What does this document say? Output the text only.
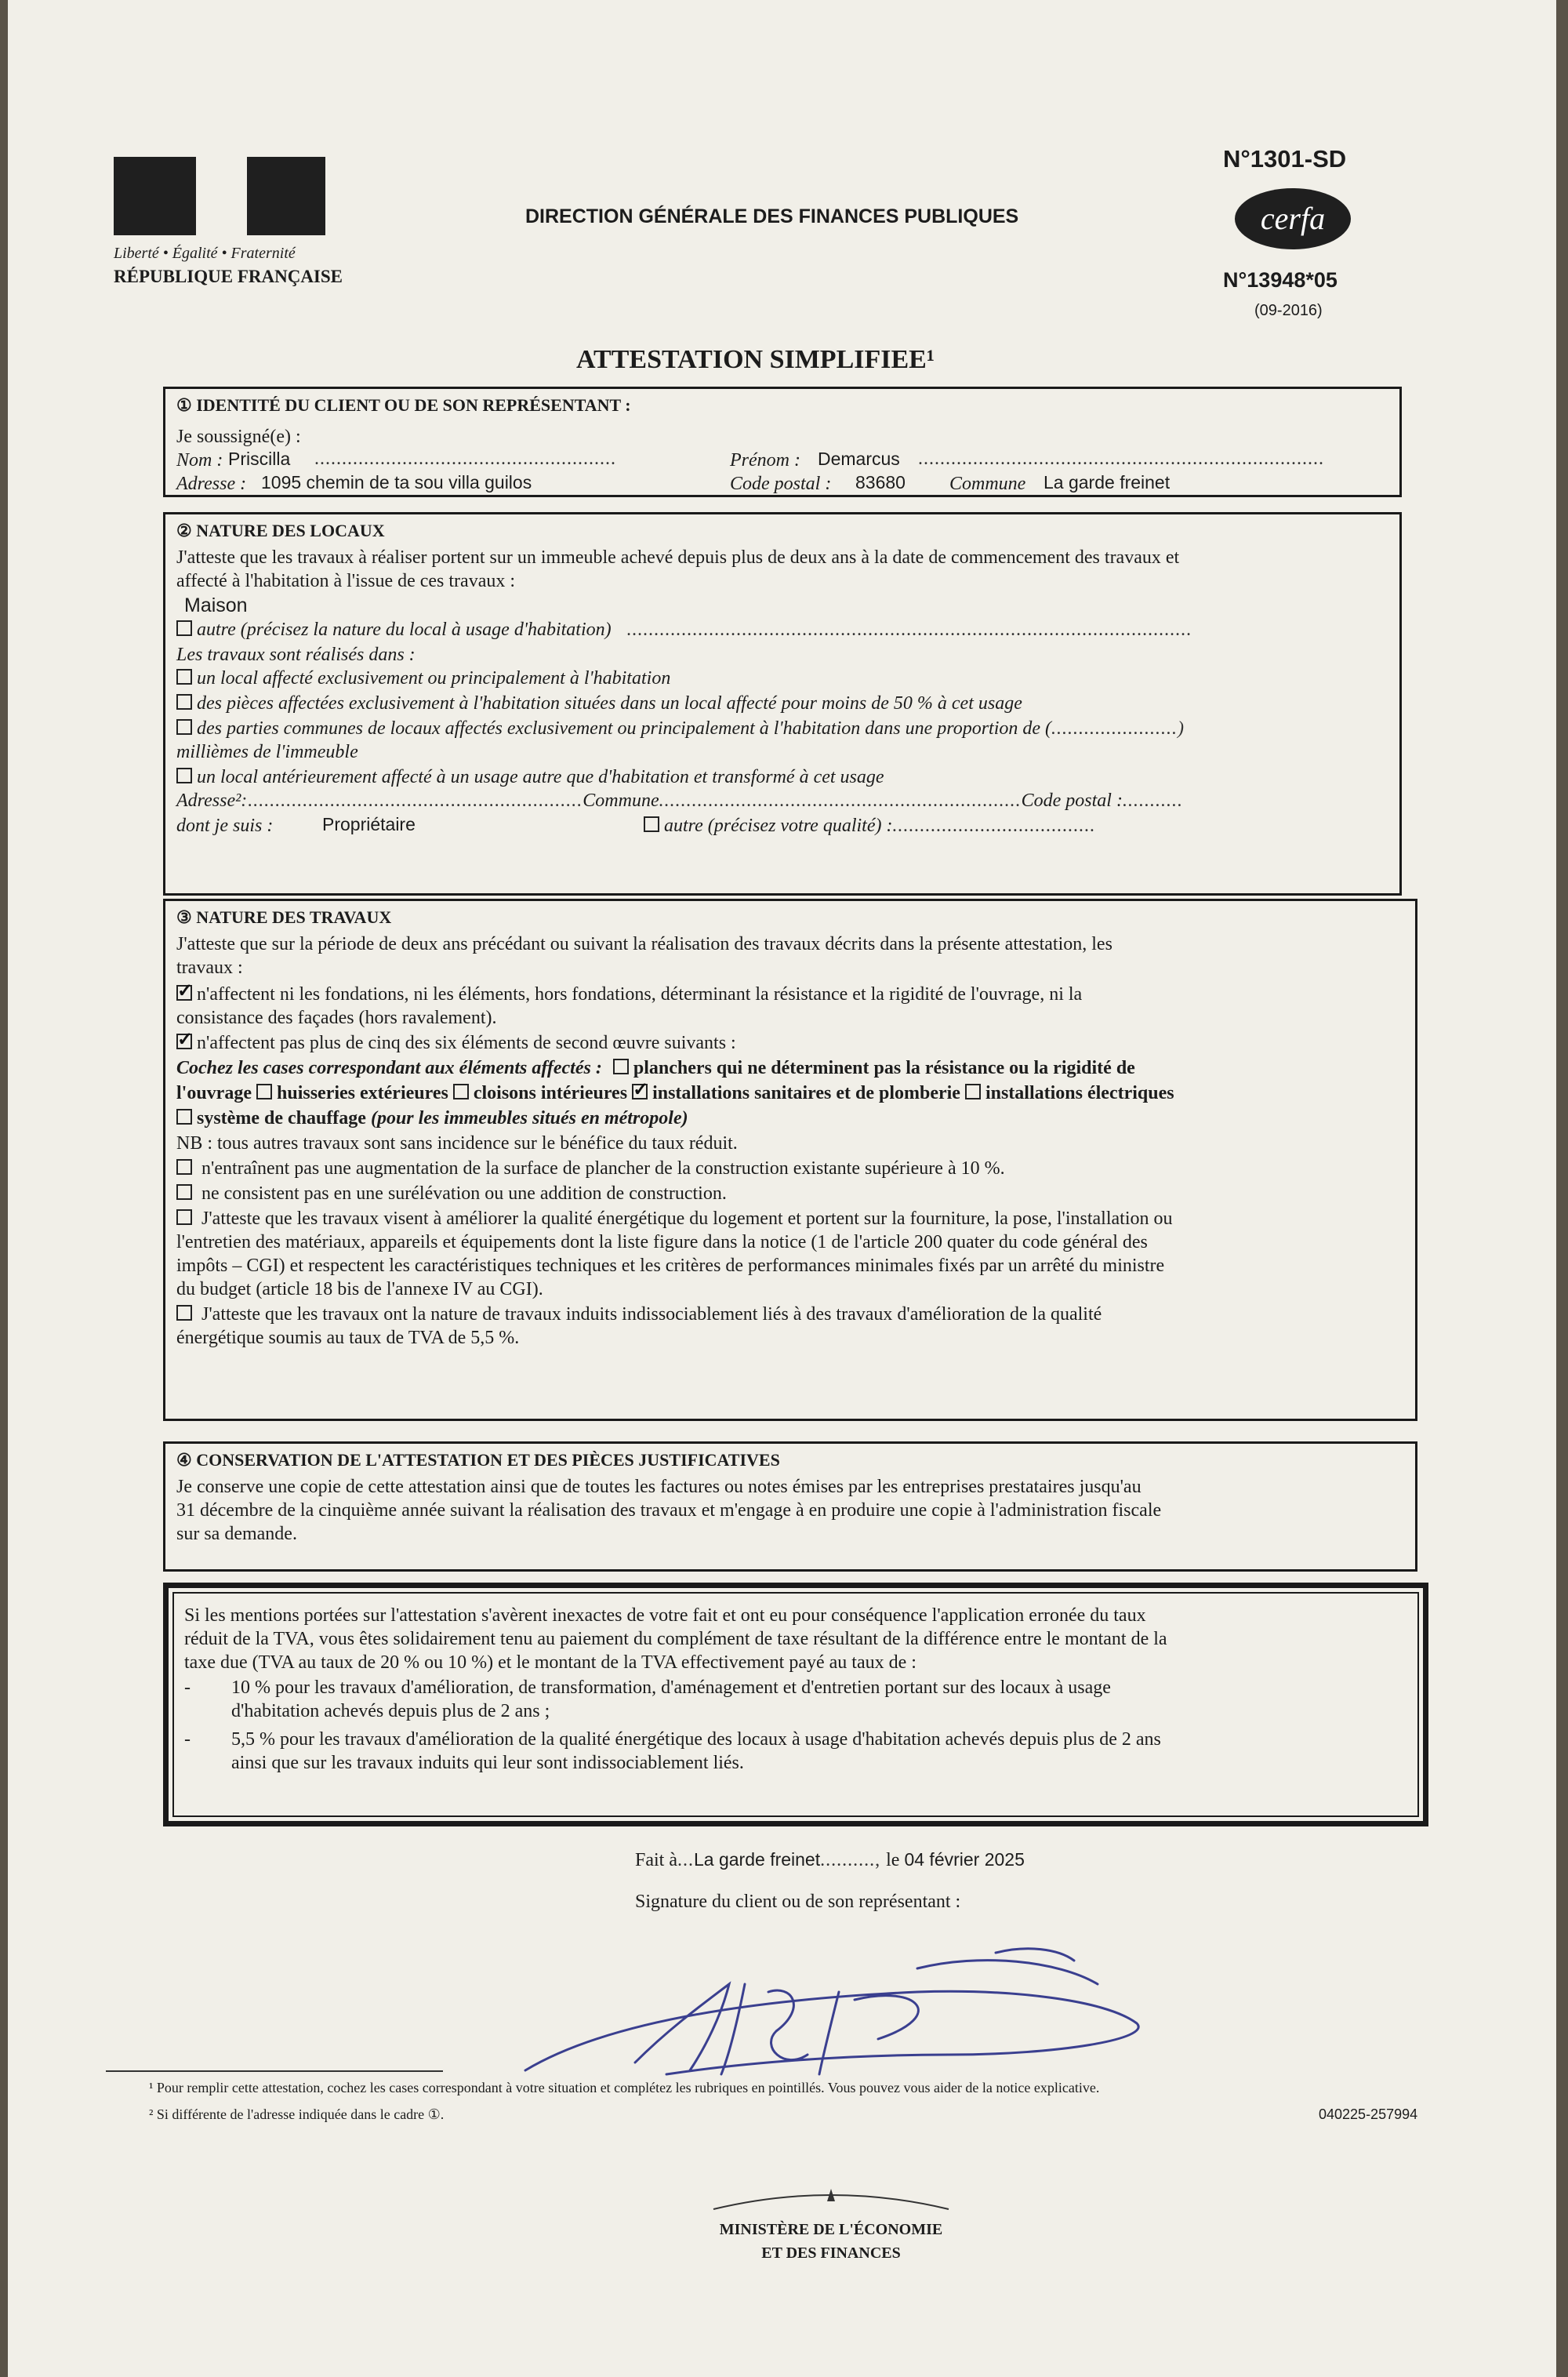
Liberté • Égalité • Fraternité
RÉPUBLIQUE FRANÇAISE
DIRECTION GÉNÉRALE DES FINANCES PUBLIQUES
N°1301-SD
cerfa
N°13948*05
(09-2016)
ATTESTATION SIMPLIFIEE¹
① IDENTITÉ DU CLIENT OU DE SON REPRÉSENTANT :
Je soussigné(e) :
Nom : Priscilla .......................................................	Prénom : Demarcus ..........................................................................
Adresse : 1095 chemin de ta sou villa guilos	Code postal : 83680 Commune La garde freinet
② NATURE DES LOCAUX
J'atteste que les travaux à réaliser portent sur un immeuble achevé depuis plus de deux ans à la date de commencement des travaux et
affecté à l'habitation à l'issue de ces travaux :
Maison
autre (précisez la nature du local à usage d'habitation) .......................................................................................................
Les travaux sont réalisés dans :
un local affecté exclusivement ou principalement à l'habitation
des pièces affectées exclusivement à l'habitation situées dans un local affecté pour moins de 50 % à cet usage
des parties communes de locaux affectés exclusivement ou principalement à l'habitation dans une proportion de (.......................)
millièmes de l'immeuble
un local antérieurement affecté à un usage autre que d'habitation et transformé à cet usage
Adresse²:.............................................................Commune..................................................................Code postal :...........
dont je suis :	Propriétaire	autre (précisez votre qualité) :.....................................
③ NATURE DES TRAVAUX
J'atteste que sur la période de deux ans précédant ou suivant la réalisation des travaux décrits dans la présente attestation, les
travaux :
✓n'affectent ni les fondations, ni les éléments, hors fondations, déterminant la résistance et la rigidité de l'ouvrage, ni la
consistance des façades (hors ravalement).
✓n'affectent pas plus de cinq des six éléments de second œuvre suivants :
Cochez les cases correspondant aux éléments affectés : planchers qui ne déterminent pas la résistance ou la rigidité de
l'ouvrage huisseries extérieures cloisons intérieures ✓ installations sanitaires et de plomberie installations électriques
système de chauffage (pour les immeubles situés en métropole)
NB : tous autres travaux sont sans incidence sur le bénéfice du taux réduit.
n'entraînent pas une augmentation de la surface de plancher de la construction existante supérieure à 10 %.
ne consistent pas en une surélévation ou une addition de construction.
J'atteste que les travaux visent à améliorer la qualité énergétique du logement et portent sur la fourniture, la pose, l'installation ou
l'entretien des matériaux, appareils et équipements dont la liste figure dans la notice (1 de l'article 200 quater du code général des
impôts – CGI) et respectent les caractéristiques techniques et les critères de performances minimales fixés par un arrêté du ministre
du budget (article 18 bis de l'annexe IV au CGI).
J'atteste que les travaux ont la nature de travaux induits indissociablement liés à des travaux d'amélioration de la qualité
énergétique soumis au taux de TVA de 5,5 %.
④ CONSERVATION DE L'ATTESTATION ET DES PIÈCES JUSTIFICATIVES
Je conserve une copie de cette attestation ainsi que de toutes les factures ou notes émises par les entreprises prestataires jusqu'au
31 décembre de la cinquième année suivant la réalisation des travaux et m'engage à en produire une copie à l'administration fiscale
sur sa demande.
Si les mentions portées sur l'attestation s'avèrent inexactes de votre fait et ont eu pour conséquence l'application erronée du taux
réduit de la TVA, vous êtes solidairement tenu au paiement du complément de taxe résultant de la différence entre le montant de la
taxe due (TVA au taux de 20 % ou 10 %) et le montant de la TVA effectivement payé au taux de :
- 10 % pour les travaux d'amélioration, de transformation, d'aménagement et d'entretien portant sur des locaux à usage
d'habitation achevés depuis plus de 2 ans ;
- 5,5 % pour les travaux d'amélioration de la qualité énergétique des locaux à usage d'habitation achevés depuis plus de 2 ans
ainsi que sur les travaux induits qui leur sont indissociablement liés.
Fait à...La garde freinet.........., le 04 février 2025
Signature du client ou de son représentant :
¹ Pour remplir cette attestation, cochez les cases correspondant à votre situation et complétez les rubriques en pointillés. Vous pouvez vous aider de la notice explicative.
² Si différente de l'adresse indiquée dans le cadre ①.	040225-257994
MINISTÈRE DE L'ÉCONOMIE
ET DES FINANCES
